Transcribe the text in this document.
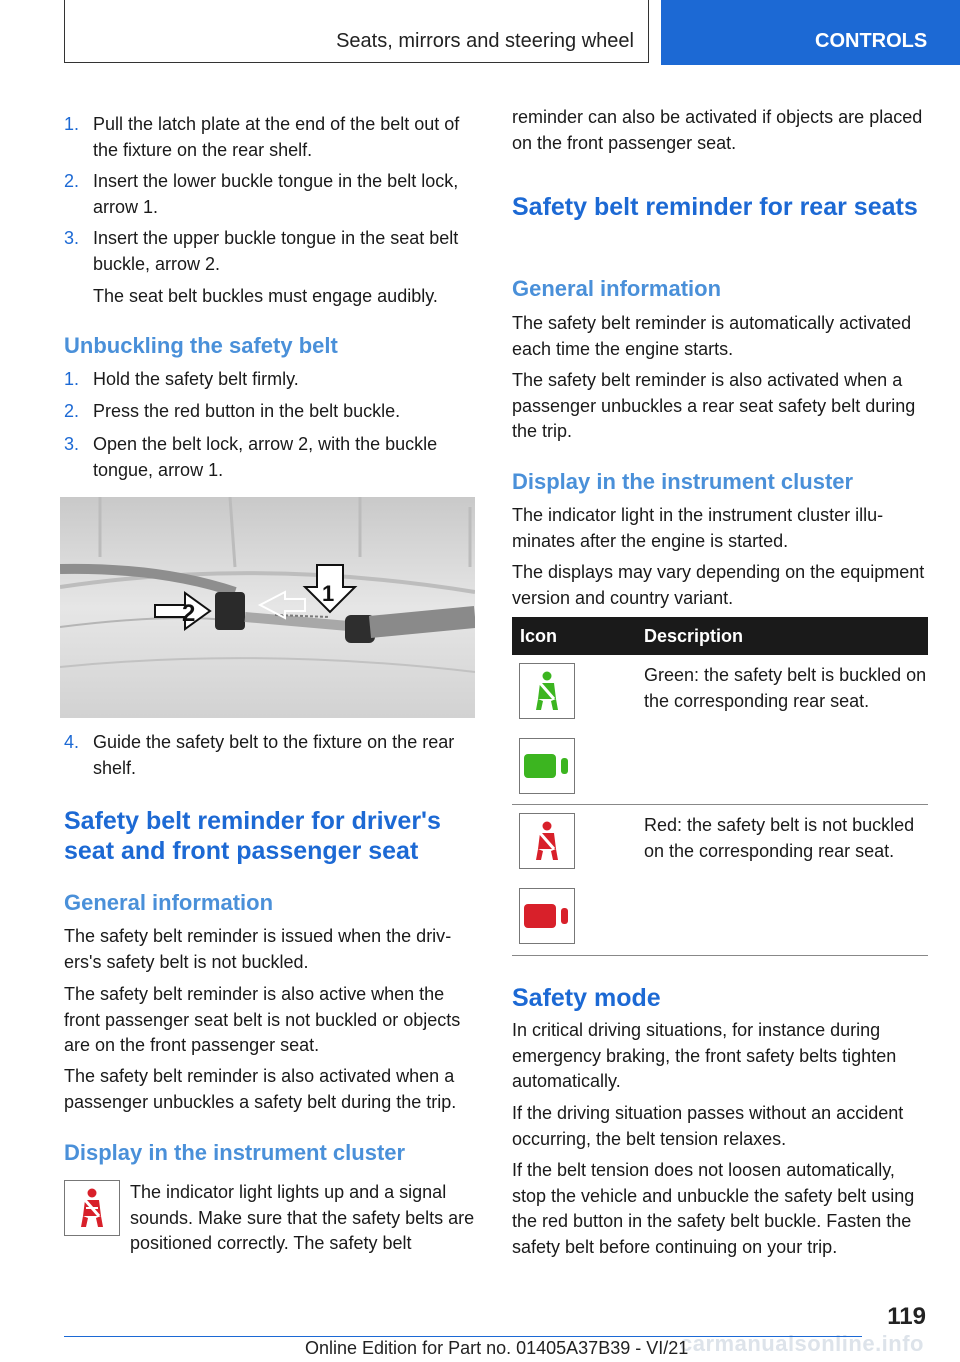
Seats, mirrors and steering wheel	CONTROLS
1. Pull the latch plate at the end of the belt out of the fixture on the rear shelf.
2. Insert the lower buckle tongue in the belt lock, arrow 1.
3. Insert the upper buckle tongue in the seat belt buckle, arrow 2.
The seat belt buckles must engage audibly.
Unbuckling the safety belt
1. Hold the safety belt firmly.
2. Press the red button in the belt buckle.
3. Open the belt lock, arrow 2, with the buckle tongue, arrow 1.
4. Guide the safety belt to the fixture on the rear shelf.
Safety belt reminder for driver's seat and front passenger seat
General information
The safety belt reminder is issued when the drivers's safety belt is not buckled.
The safety belt reminder is also active when the front passenger seat belt is not buckled or objects are on the front passenger seat.
The safety belt reminder is also activated when a passenger unbuckles a safety belt during the trip.
Display in the instrument cluster
The indicator light lights up and a signal sounds. Make sure that the safety belts are positioned correctly. The safety belt
2
1
reminder can also be activated if objects are placed on the front passenger seat.
Safety belt reminder for rear seats
General information
The safety belt reminder is automatically activated each time the engine starts.
The safety belt reminder is also activated when a passenger unbuckles a rear seat safety belt during the trip.
Display in the instrument cluster
The indicator light in the instrument cluster illuminates after the engine is started.
The displays may vary depending on the equipment version and country variant.
Icon	Description
Green: the safety belt is buckled on the corresponding rear seat.
Red: the safety belt is not buckled on the corresponding rear seat.
Safety mode
In critical driving situations, for instance during emergency braking, the front safety belts tighten automatically.
If the driving situation passes without an accident occurring, the belt tension relaxes.
If the belt tension does not loosen automatically, stop the vehicle and unbuckle the safety belt using the red button in the safety belt buckle. Fasten the safety belt before continuing on your trip.
carmanualsonline.info
119
Online Edition for Part no. 01405A37B39 - VI/21
